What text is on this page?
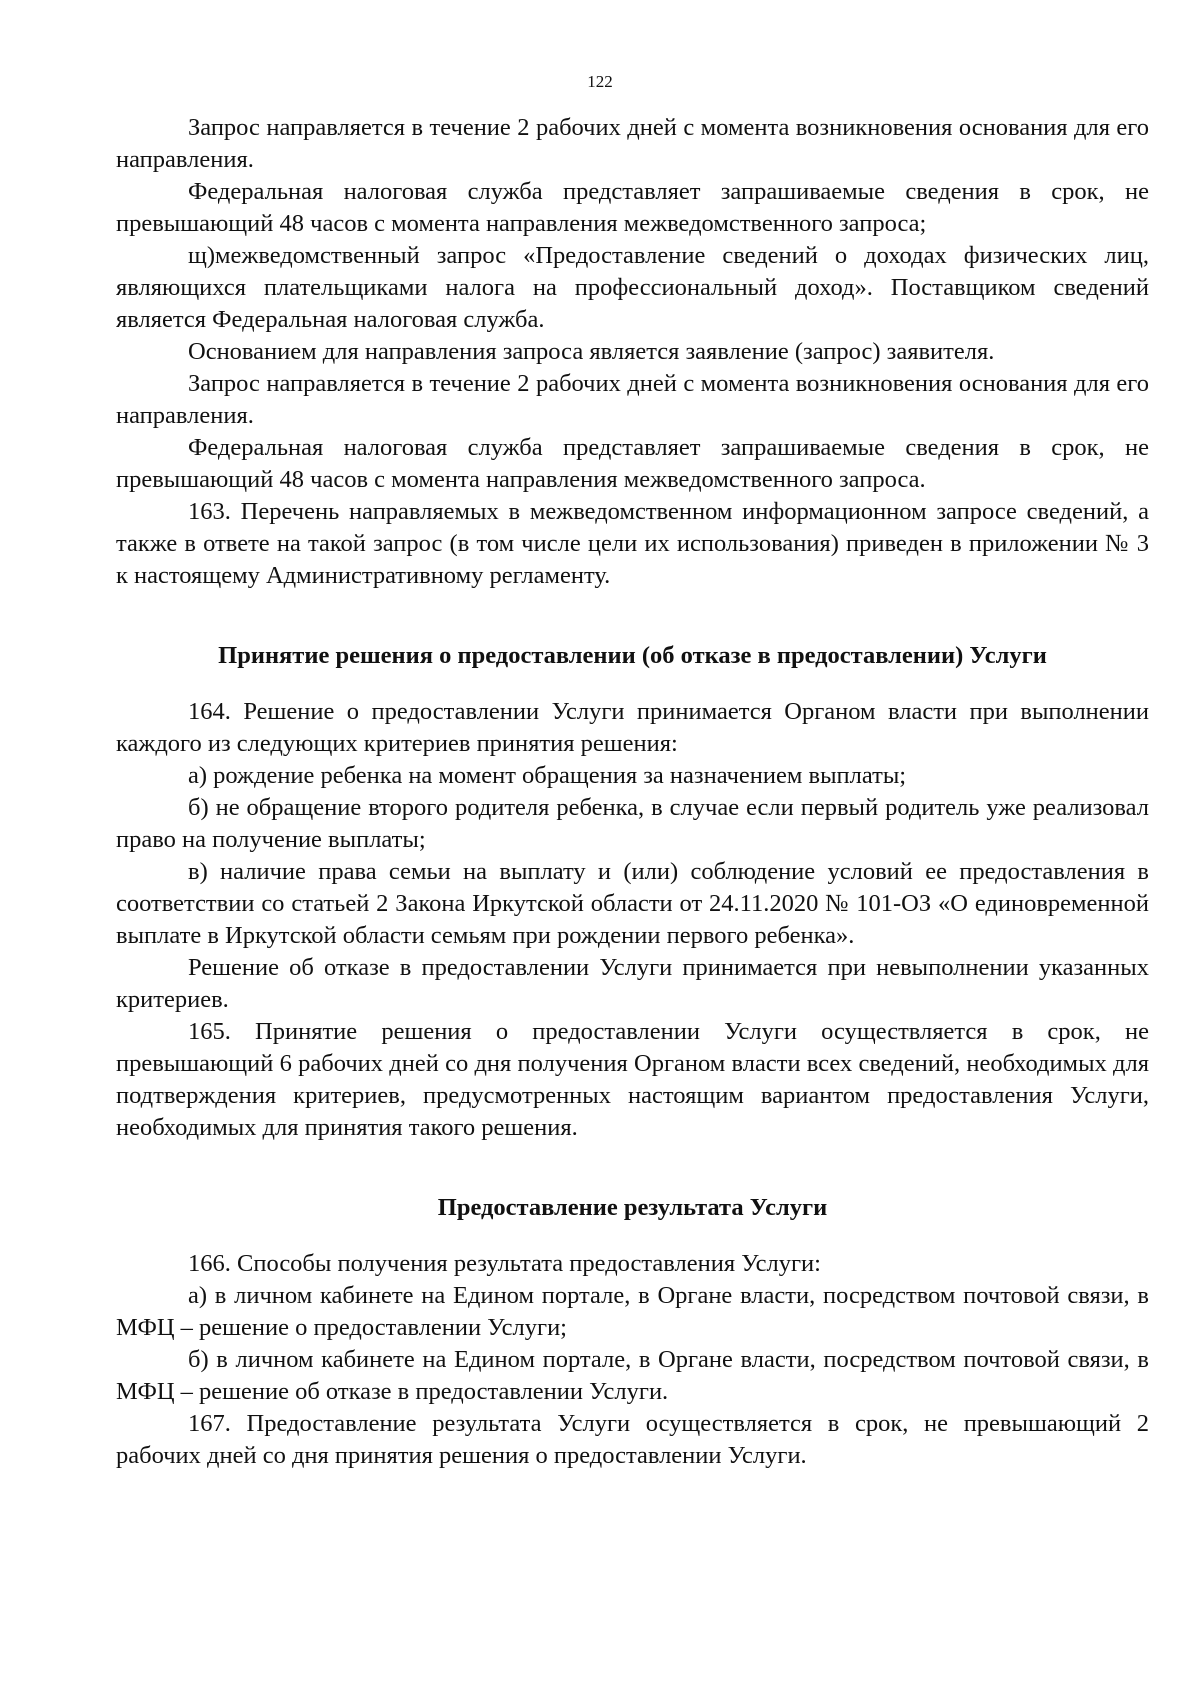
122

Запрос направляется в течение 2 рабочих дней с момента возникновения основания для его направления.

Федеральная налоговая служба представляет запрашиваемые сведения в срок, не превышающий 48 часов с момента направления межведомственного запроса;

щ)межведомственный запрос «Предоставление сведений о доходах физических лиц, являющихся плательщиками налога на профессиональный доход». Поставщиком сведений является Федеральная налоговая служба.

Основанием для направления запроса является заявление (запрос) заявителя.

Запрос направляется в течение 2 рабочих дней с момента возникновения основания для его направления.

Федеральная налоговая служба представляет запрашиваемые сведения в срок, не превышающий 48 часов с момента направления межведомственного запроса.

163. Перечень направляемых в межведомственном информационном запросе сведений, а также в ответе на такой запрос (в том числе цели их использования) приведен в приложении № 3 к настоящему Административному регламенту.

Принятие решения о предоставлении (об отказе в предоставлении) Услуги

164. Решение о предоставлении Услуги принимается Органом власти при выполнении каждого из следующих критериев принятия решения:

а) рождение ребенка на момент обращения за назначением выплаты;

б) не обращение второго родителя ребенка, в случае если первый родитель уже реализовал право на получение выплаты;

в) наличие права семьи на выплату и (или) соблюдение условий ее предоставления в соответствии со статьей 2 Закона Иркутской области от 24.11.2020 № 101-ОЗ «О единовременной выплате в Иркутской области семьям при рождении первого ребенка».

Решение об отказе в предоставлении Услуги принимается при невыполнении указанных критериев.

165. Принятие решения о предоставлении Услуги осуществляется в срок, не превышающий 6 рабочих дней со дня получения Органом власти всех сведений, необходимых для подтверждения критериев, предусмотренных настоящим вариантом предоставления Услуги, необходимых для принятия такого решения.

Предоставление результата Услуги

166. Способы получения результата предоставления Услуги:

а) в личном кабинете на Едином портале, в Органе власти, посредством почтовой связи, в МФЦ – решение о предоставлении Услуги;

б) в личном кабинете на Едином портале, в Органе власти, посредством почтовой связи, в МФЦ – решение об отказе в предоставлении Услуги.

167. Предоставление результата Услуги осуществляется в срок, не превышающий 2 рабочих дней со дня принятия решения о предоставлении Услуги.
